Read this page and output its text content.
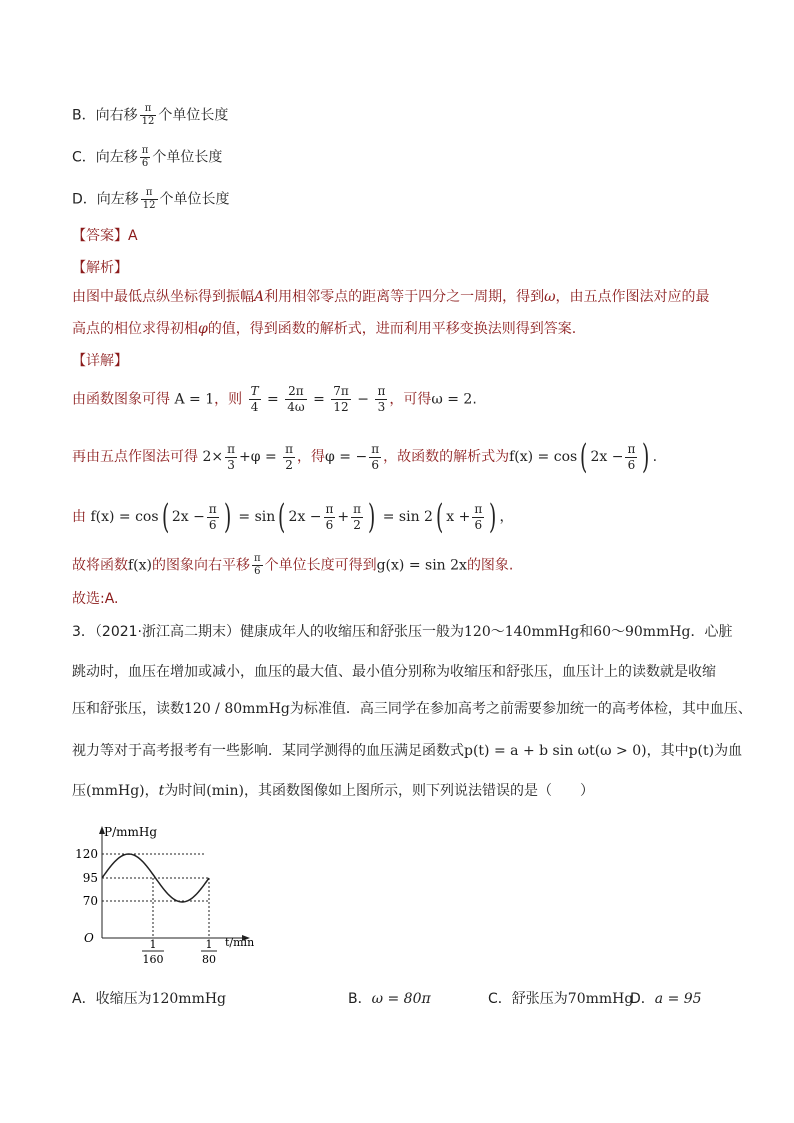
B．向右移 $\frac{\pi}{12}$ 个单位长度
C．向左移 $\frac{\pi}{6}$ 个单位长度
D．向左移 $\frac{\pi}{12}$ 个单位长度
【答案】A
【解析】
由图中最低点纵坐标得到振幅A利用相邻零点的距离等于四分之一周期，得到ω，由五点作图法对应的最
高点的相位求得初相φ的值，得到函数的解析式，进而利用平移变换法则得到答案.
【详解】
由函数图象可得 A = 1，则 $\frac{T}{4} = \frac{2\pi}{4\omega} = \frac{7\pi}{12} - \frac{\pi}{3}$ ，可得ω = 2.
再由五点作图法可得 $2\times \frac{\pi}{3} +\varphi = \frac{\pi}{2}$ ，得φ = − $\frac{\pi}{6}$ ，故函数的解析式为f(x) = cos( $2x - \frac{\pi}{6}$ ) .
由 f(x) = cos( $2x - \frac{\pi}{6}$ ) = sin( $2x - \frac{\pi}{6} + \frac{\pi}{2}$ ) = sin 2( $x + \frac{\pi}{6}$ ) ，
故将函数f(x)的图象向右平移 $\frac{\pi}{6}$ 个单位长度可得到g(x) = sin 2x的图象.
故选:A.
3．（2021·浙江高二期末）健康成年人的收缩压和舒张压一般为120～140mmHg和60～90mmHg．心脏
跳动时，血压在增加或减小，血压的最大值、最小值分别称为收缩压和舒张压，血压计上的读数就是收缩
压和舒张压，读数120 / 80mmHg为标准值．高三同学在参加高考之前需要参加统一的高考体检，其中血压、
视力等对于高考报考有一些影响．某同学测得的血压满足函数式p(t) = a + b sin ωt(ω > 0)，其中p(t)为血
压(mmHg)，t为时间(min)，其函数图像如上图所示，则下列说法错误的是（　　）
P/mmHg
t/min
O
120
95
70
1
160
1
80
A．收缩压为120mmHg	B．ω = 80π	C．舒张压为70mmHg
D．a = 95
